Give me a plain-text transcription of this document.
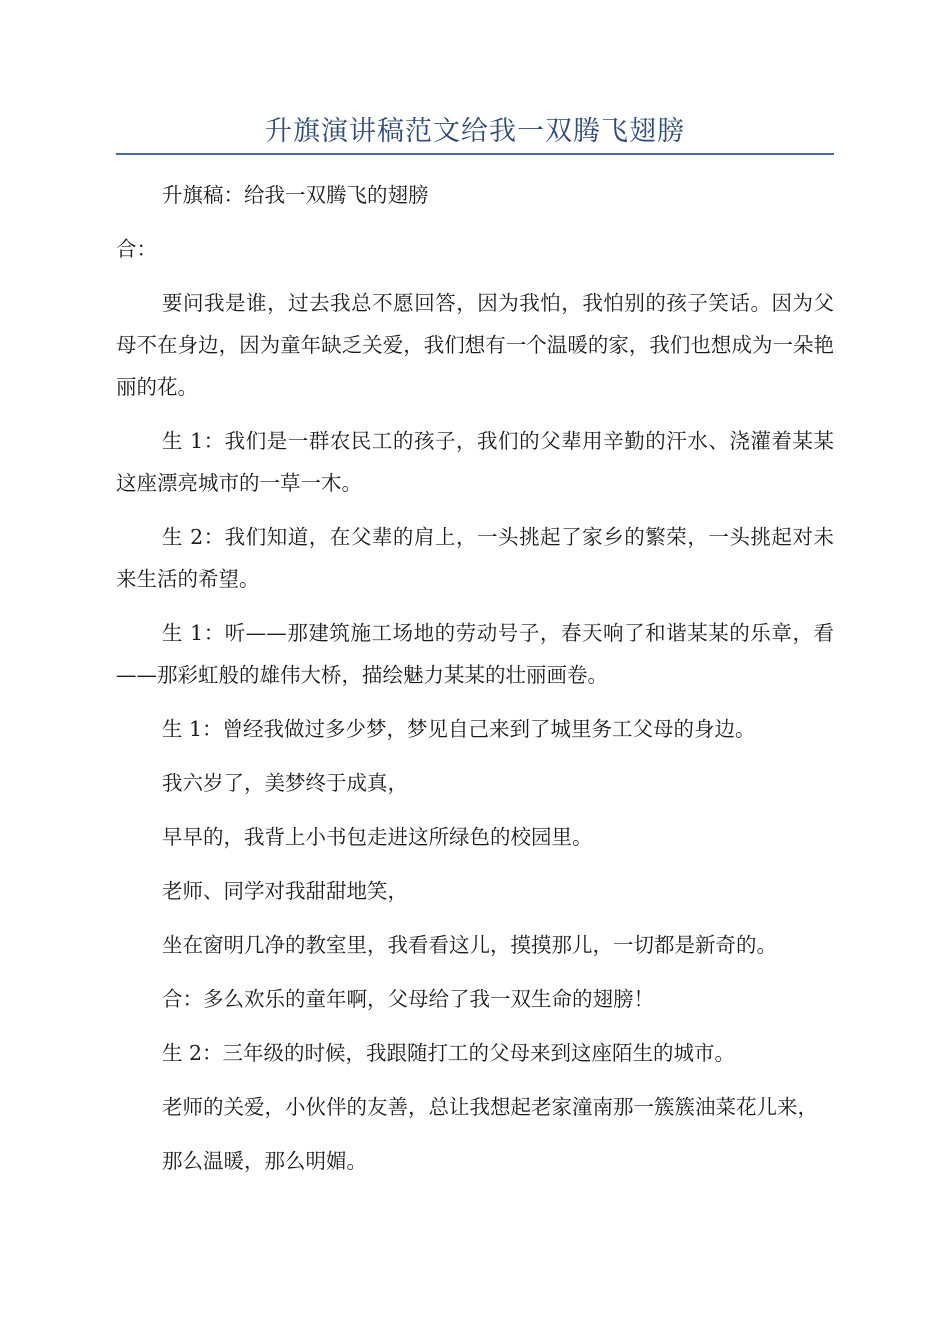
升旗演讲稿范文给我一双腾飞翅膀

升旗稿：给我一双腾飞的翅膀

合：

要问我是谁，过去我总不愿回答，因为我怕，我怕别的孩子笑话。因为父母不在身边，因为童年缺乏关爱，我们想有一个温暖的家，我们也想成为一朵艳丽的花。

生 1：我们是一群农民工的孩子，我们的父辈用辛勤的汗水、浇灌着某某这座漂亮城市的一草一木。

生 2：我们知道，在父辈的肩上，一头挑起了家乡的繁荣，一头挑起对未来生活的希望。

生 1：听——那建筑施工场地的劳动号子，春天响了和谐某某的乐章，看——那彩虹般的雄伟大桥，描绘魅力某某的壮丽画卷。

生 1：曾经我做过多少梦，梦见自己来到了城里务工父母的身边。

我六岁了，美梦终于成真，

早早的，我背上小书包走进这所绿色的校园里。

老师、同学对我甜甜地笑，

坐在窗明几净的教室里，我看看这儿，摸摸那儿，一切都是新奇的。

合：多么欢乐的童年啊，父母给了我一双生命的翅膀！

生 2：三年级的时候，我跟随打工的父母来到这座陌生的城市。

老师的关爱，小伙伴的友善，总让我想起老家潼南那一簇簇油菜花儿来，

那么温暖，那么明媚。
